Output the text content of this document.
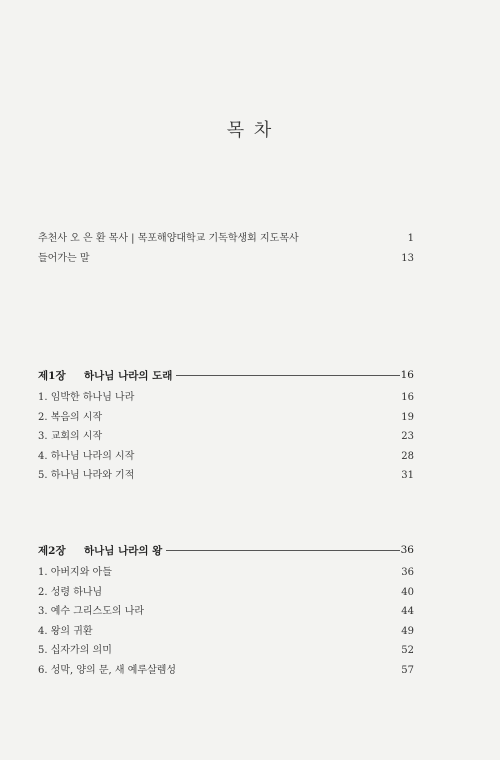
목 차
추천사 오 은 환 목사 | 목포해양대학교 기독학생회 지도목사	1
들어가는 말	13
제1장	하나님 나라의 도래	16
1. 임박한 하나님 나라	16
2. 복음의 시작	19
3. 교회의 시작	23
4. 하나님 나라의 시작	28
5. 하나님 나라와 기적	31
제2장	하나님 나라의 왕	36
1. 아버지와 아들	36
2. 성령 하나님	40
3. 예수 그리스도의 나라	44
4. 왕의 귀환	49
5. 십자가의 의미	52
6. 성막, 양의 문, 새 예루살렘성	57
